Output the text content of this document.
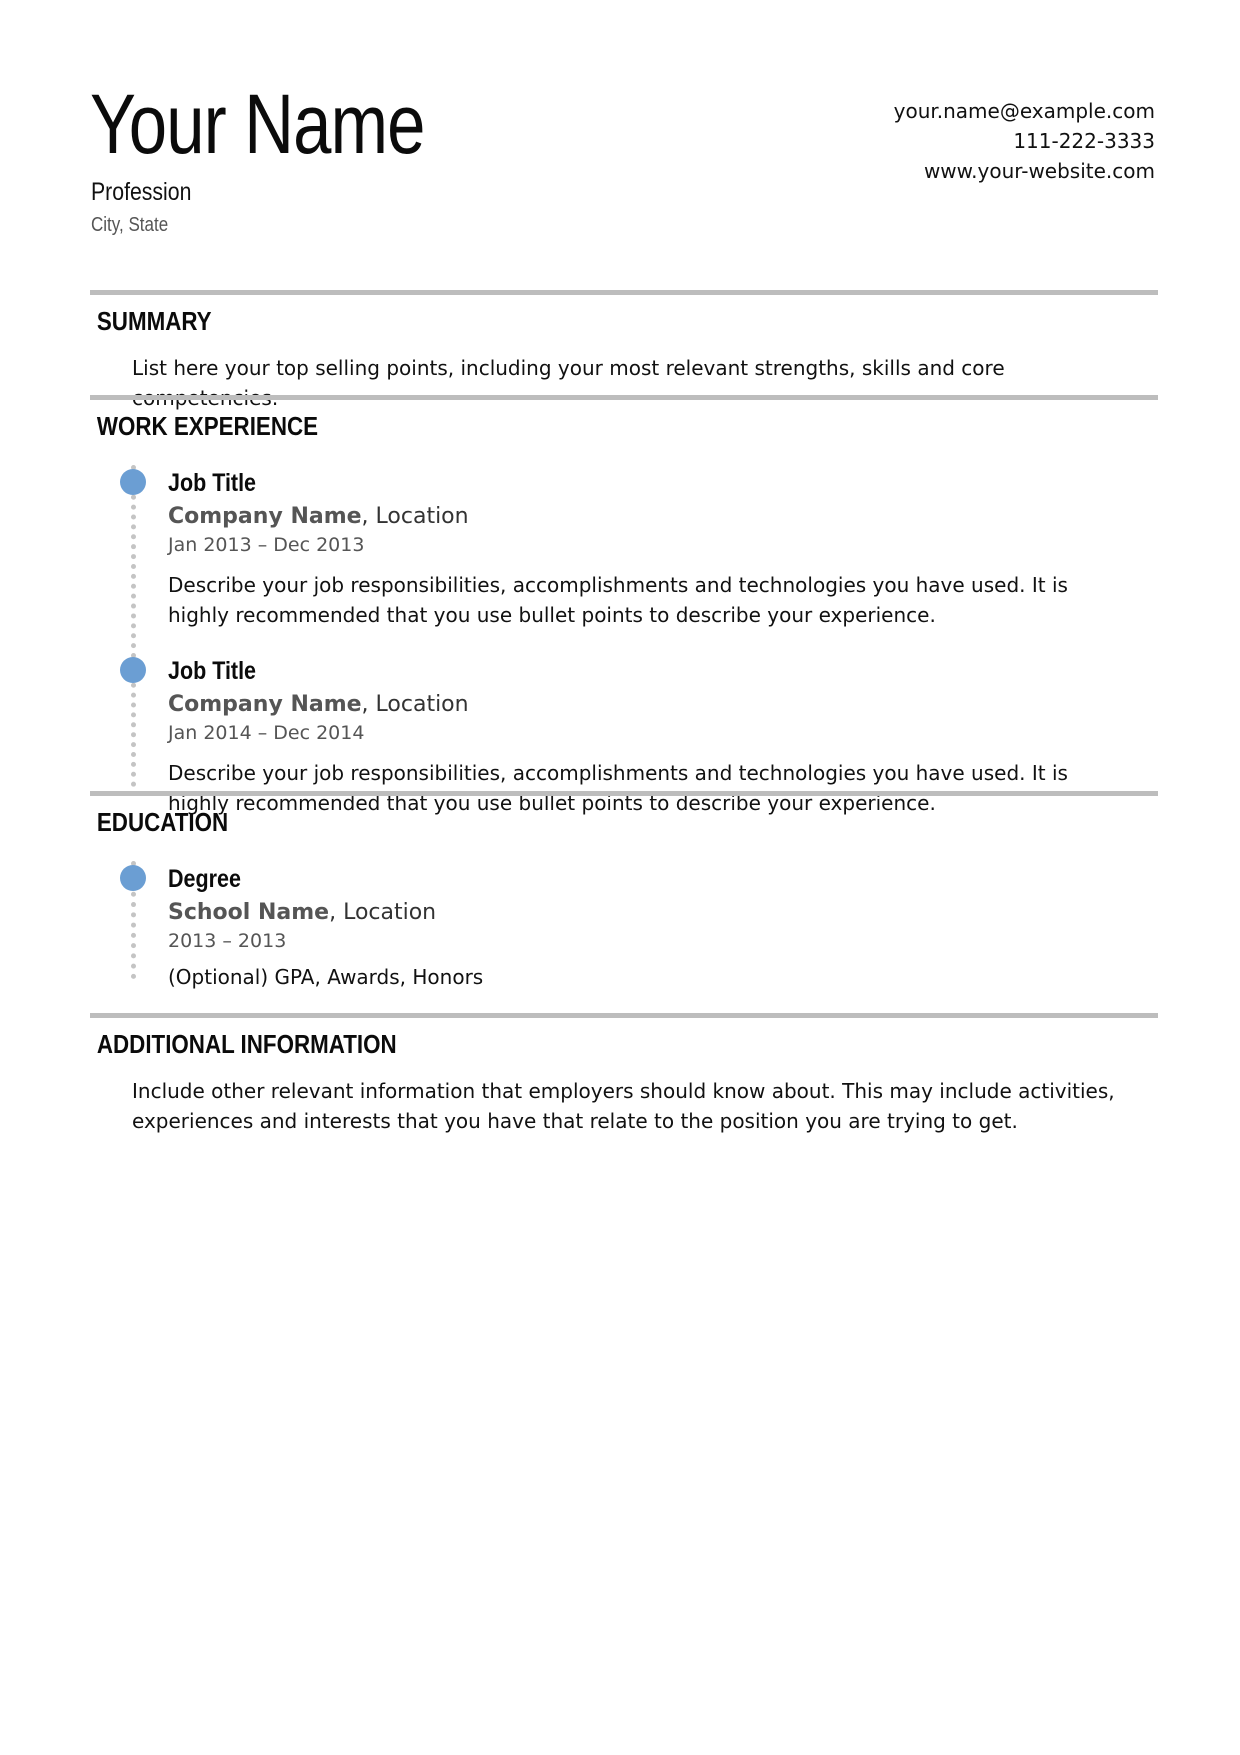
Your Name
Profession
City, State
your.name@example.com
111-222-3333
www.your-website.com
SUMMARY
List here your top selling points, including your most relevant strengths, skills and core competencies.
WORK EXPERIENCE
Job Title
Company Name, Location
Jan 2013 – Dec 2013
Describe your job responsibilities, accomplishments and technologies you have used. It is highly recommended that you use bullet points to describe your experience.
Job Title
Company Name, Location
Jan 2014 – Dec 2014
Describe your job responsibilities, accomplishments and technologies you have used. It is highly recommended that you use bullet points to describe your experience.
EDUCATION
Degree
School Name, Location
2013 – 2013
(Optional) GPA, Awards, Honors
ADDITIONAL INFORMATION
Include other relevant information that employers should know about. This may include activities, experiences and interests that you have that relate to the position you are trying to get.
